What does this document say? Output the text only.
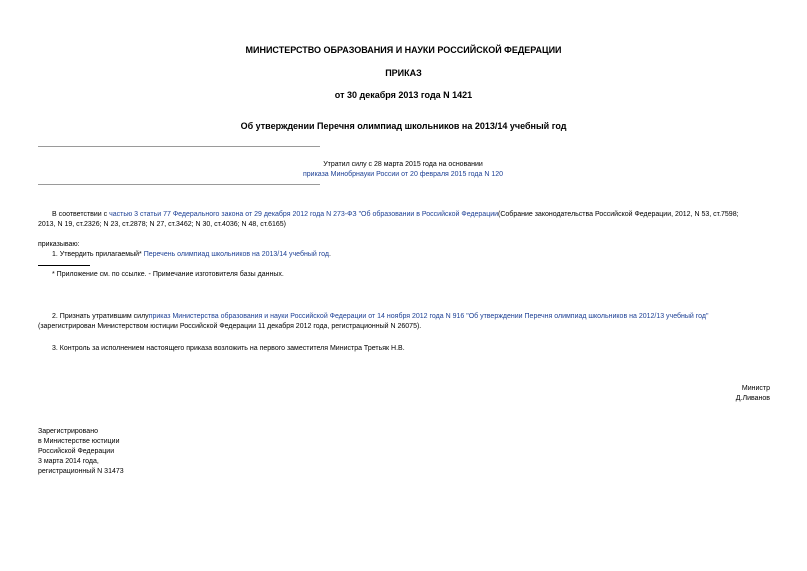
МИНИСТЕРСТВО ОБРАЗОВАНИЯ И НАУКИ РОССИЙСКОЙ ФЕДЕРАЦИИ
ПРИКАЗ
от 30 декабря 2013 года N 1421
Об утверждении Перечня олимпиад школьников на 2013/14 учебный год
Утратил силу с 28 марта 2015 года на основании
приказа Минобрнауки России от 20 февраля 2015 года N 120
В соответствии с частью 3 статьи 77 Федерального закона от 29 декабря 2012 года N 273-ФЗ "Об образовании в Российской Федерации(Собрание законодательства Российской Федерации, 2012, N 53, ст.7598;
2013, N 19, ст.2326; N 23, ст.2878; N 27, ст.3462; N 30, ст.4036; N 48, ст.6165)
приказываю:
1. Утвердить прилагаемый* Перечень олимпиад школьников на 2013/14 учебный год.
* Приложение см. по ссылке. - Примечание изготовителя базы данных.
2. Признать утратившим силуприказ Министерства образования и науки Российской Федерации от 14 ноября 2012 года N 916 "Об утверждении Перечня олимпиад школьников на 2012/13 учебный год"
(зарегистрирован Министерством юстиции Российской Федерации 11 декабря 2012 года, регистрационный N 26075).
3. Контроль за исполнением настоящего приказа возложить на первого заместителя Министра Третьяк Н.В.
Министр
Д.Ливанов
Зарегистрировано
в Министерстве юстиции
Российской Федерации
3 марта 2014 года,
регистрационный N 31473
